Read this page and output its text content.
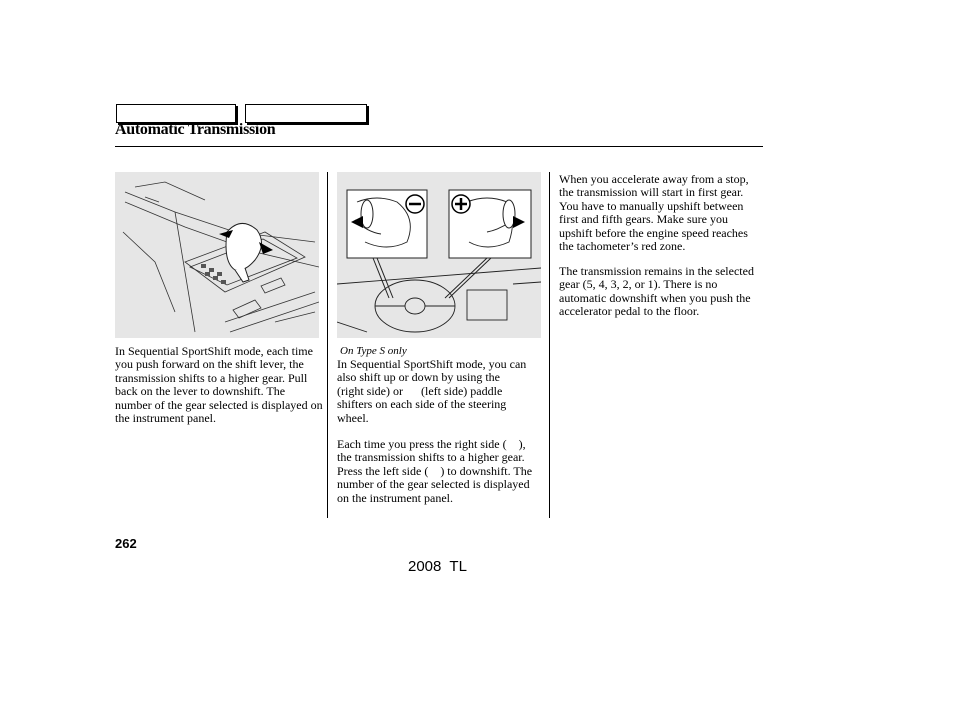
Automatic Transmission

In Sequential SportShift mode, each time you push forward on the shift lever, the transmission shifts to a higher gear. Pull back on the lever to downshift. The number of the gear selected is displayed on the instrument panel.

On Type S only

In Sequential SportShift mode, you can also shift up or down by using the      (right side) or      (left side) paddle shifters on each side of the steering wheel.

Each time you press the right side (    ), the transmission shifts to a higher gear. Press the left side (    ) to downshift. The number of the gear selected is displayed on the instrument panel.

When you accelerate away from a stop, the transmission will start in first gear. You have to manually upshift between first and fifth gears. Make sure you upshift before the engine speed reaches the tachometer’s red zone.

The transmission remains in the selected gear (5, 4, 3, 2, or 1). There is no automatic downshift when you push the accelerator pedal to the floor.

262
2008  TL
